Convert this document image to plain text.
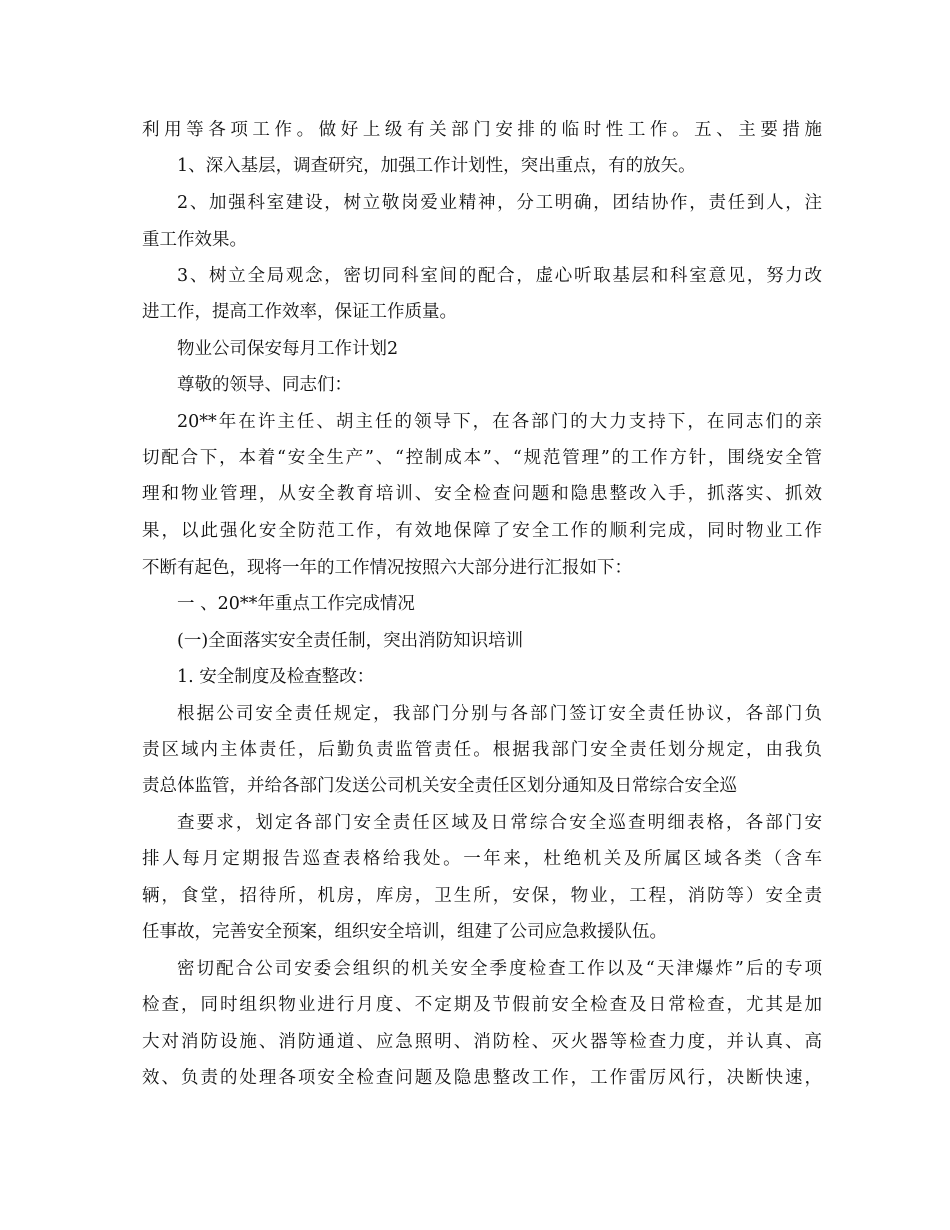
利用等各项工作。做好上级有关部门安排的临时性工作。五、主要措施
1、深入基层，调查研究，加强工作计划性，突出重点，有的放矢。
2、加强科室建设，树立敬岗爱业精神，分工明确，团结协作，责任到人，注
重工作效果。
3、树立全局观念，密切同科室间的配合，虚心听取基层和科室意见，努力改
进工作，提高工作效率，保证工作质量。
物业公司保安每月工作计划2
尊敬的领导、同志们：
20**年在许主任、胡主任的领导下，在各部门的大力支持下，在同志们的亲
切配合下，本着“安全生产”、“控制成本”、“规范管理”的工作方针，围绕安全管
理和物业管理，从安全教育培训、安全检查问题和隐患整改入手，抓落实、抓效
果，以此强化安全防范工作，有效地保障了安全工作的顺利完成，同时物业工作
不断有起色，现将一年的工作情况按照六大部分进行汇报如下：
一 、20**年重点工作完成情况
(一)全面落实安全责任制，突出消防知识培训
1. 安全制度及检查整改：
根据公司安全责任规定，我部门分别与各部门签订安全责任协议，各部门负
责区域内主体责任，后勤负责监管责任。根据我部门安全责任划分规定，由我负
责总体监管，并给各部门发送公司机关安全责任区划分通知及日常综合安全巡
查要求，划定各部门安全责任区域及日常综合安全巡查明细表格，各部门安
排人每月定期报告巡查表格给我处。一年来，杜绝机关及所属区域各类（含车
辆，食堂，招待所，机房，库房，卫生所，安保，物业，工程，消防等）安全责
任事故，完善安全预案，组织安全培训，组建了公司应急救援队伍。
密切配合公司安委会组织的机关安全季度检查工作以及“天津爆炸”后的专项
检查，同时组织物业进行月度、不定期及节假前安全检查及日常检查，尤其是加
大对消防设施、消防通道、应急照明、消防栓、灭火器等检查力度，并认真、高
效、负责的处理各项安全检查问题及隐患整改工作，工作雷厉风行，决断快速，
